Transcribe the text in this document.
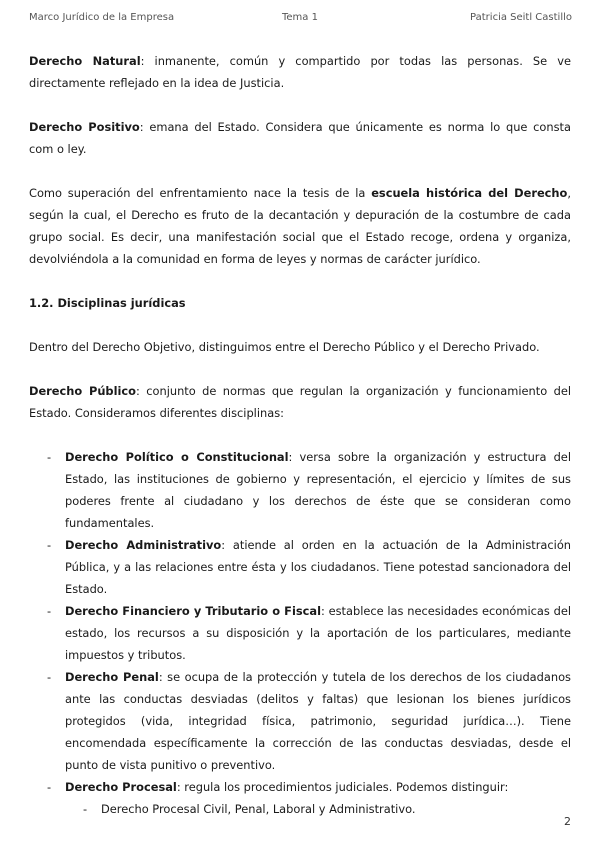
Marco Jurídico de la Empresa	Tema 1	Patricia Seitl Castillo

Derecho Natural: inmanente, común y compartido por todas las personas. Se ve directamente reflejado en la idea de Justicia.

Derecho Positivo: emana del Estado. Considera que únicamente es norma lo que consta com o ley.

Como superación del enfrentamiento nace la tesis de la escuela histórica del Derecho, según la cual, el Derecho es fruto de la decantación y depuración de la costumbre de cada grupo social. Es decir, una manifestación social que el Estado recoge, ordena y organiza, devolviéndola a la comunidad en forma de leyes y normas de carácter jurídico.

1.2. Disciplinas jurídicas

Dentro del Derecho Objetivo, distinguimos entre el Derecho Público y el Derecho Privado.

Derecho Público: conjunto de normas que regulan la organización y funcionamiento del Estado. Consideramos diferentes disciplinas:

- Derecho Político o Constitucional: versa sobre la organización y estructura del Estado, las instituciones de gobierno y representación, el ejercicio y límites de sus poderes frente al ciudadano y los derechos de éste que se consideran como fundamentales.
- Derecho Administrativo: atiende al orden en la actuación de la Administración Pública, y a las relaciones entre ésta y los ciudadanos. Tiene potestad sancionadora del Estado.
- Derecho Financiero y Tributario o Fiscal: establece las necesidades económicas del estado, los recursos a su disposición y la aportación de los particulares, mediante impuestos y tributos.
- Derecho Penal: se ocupa de la protección y tutela de los derechos de los ciudadanos ante las conductas desviadas (delitos y faltas) que lesionan los bienes jurídicos protegidos (vida, integridad física, patrimonio, seguridad jurídica…). Tiene encomendada específicamente la corrección de las conductas desviadas, desde el punto de vista punitivo o preventivo.
- Derecho Procesal: regula los procedimientos judiciales. Podemos distinguir:
- Derecho Procesal Civil, Penal, Laboral y Administrativo.
2
